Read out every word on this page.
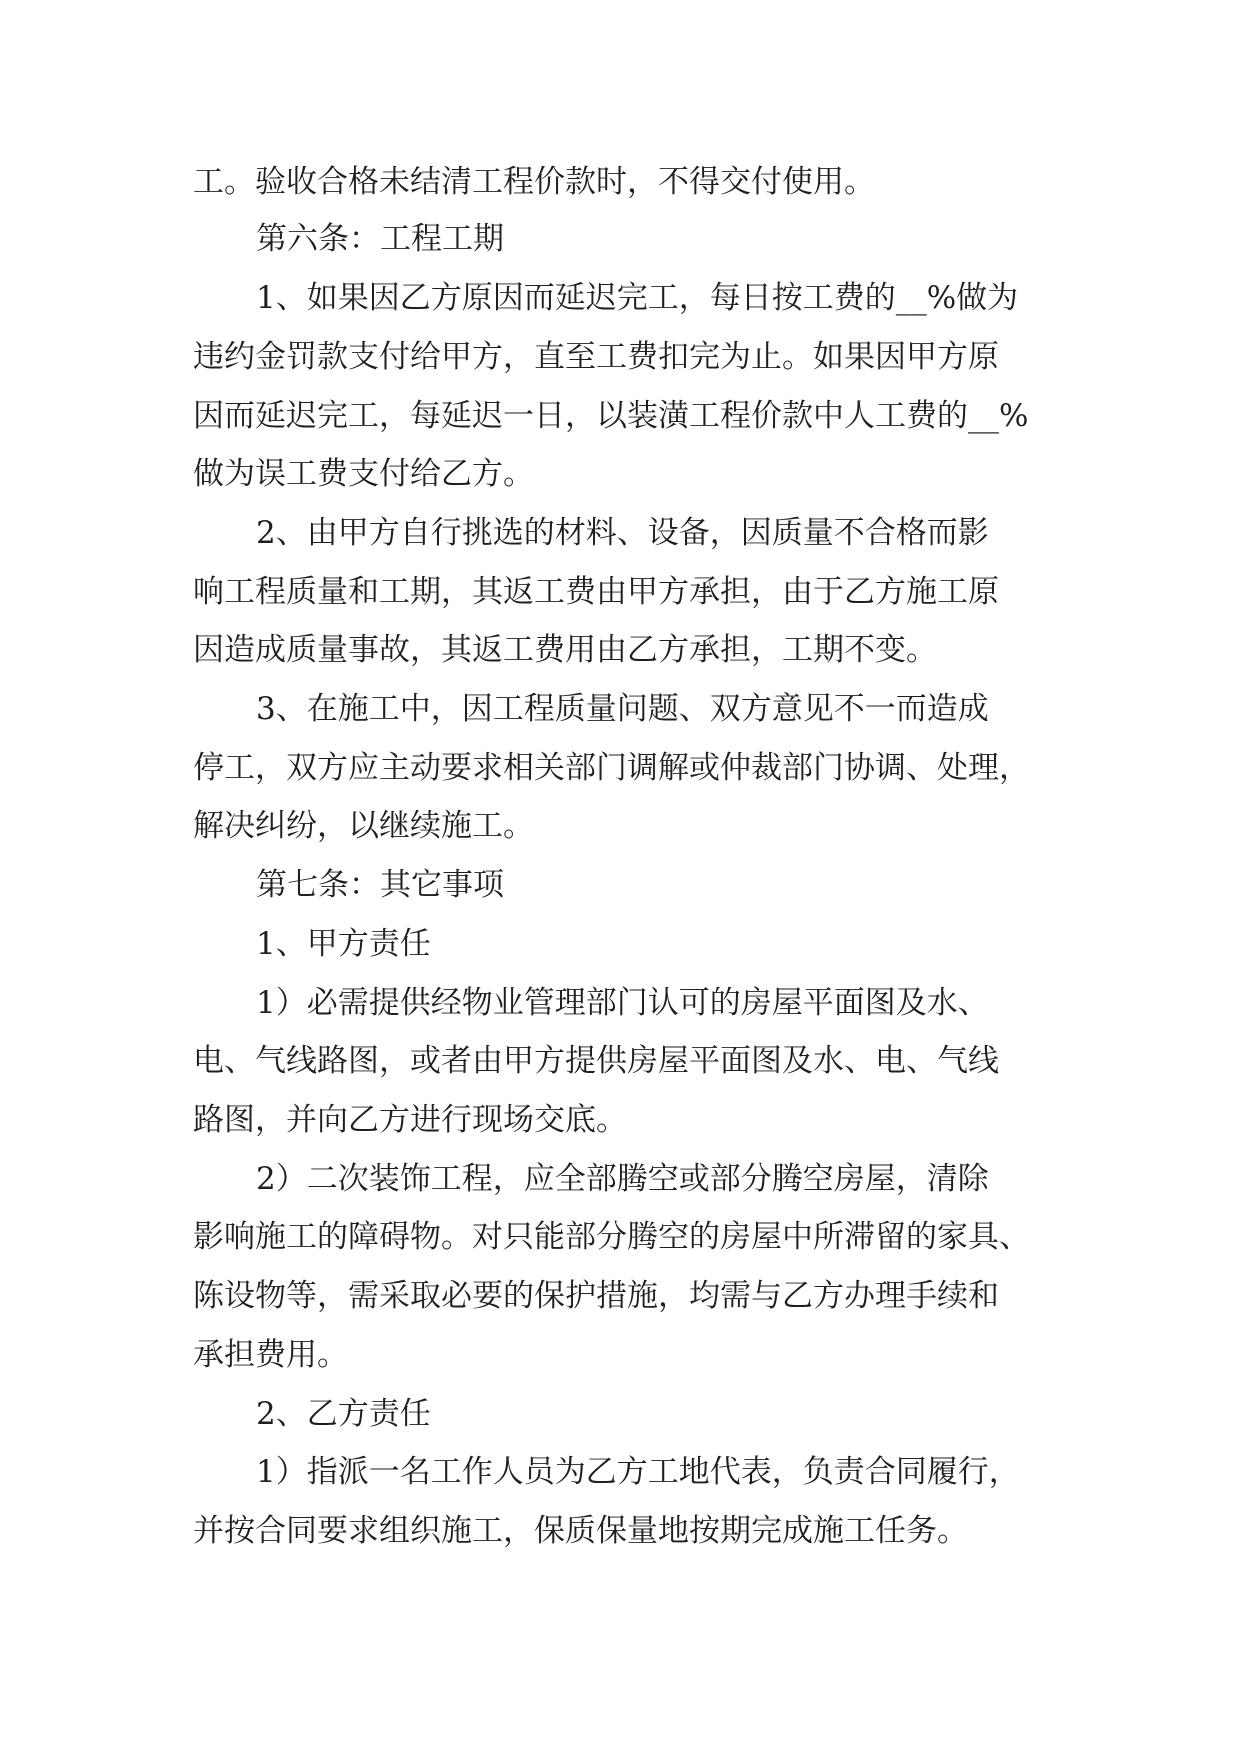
工。验收合格未结清工程价款时，不得交付使用。
第六条：工程工期
1、如果因乙方原因而延迟完工，每日按工费的__%做为
违约金罚款支付给甲方，直至工费扣完为止。如果因甲方原
因而延迟完工，每延迟一日，以装潢工程价款中人工费的__%
做为误工费支付给乙方。
2、由甲方自行挑选的材料、设备，因质量不合格而影
响工程质量和工期，其返工费由甲方承担，由于乙方施工原
因造成质量事故，其返工费用由乙方承担，工期不变。
3、在施工中，因工程质量问题、双方意见不一而造成
停工，双方应主动要求相关部门调解或仲裁部门协调、处理，
解决纠纷，以继续施工。
第七条：其它事项
1、甲方责任
1）必需提供经物业管理部门认可的房屋平面图及水、
电、气线路图，或者由甲方提供房屋平面图及水、电、气线
路图，并向乙方进行现场交底。
2）二次装饰工程，应全部腾空或部分腾空房屋，清除
影响施工的障碍物。对只能部分腾空的房屋中所滞留的家具、
陈设物等，需采取必要的保护措施，均需与乙方办理手续和
承担费用。
2、乙方责任
1）指派一名工作人员为乙方工地代表，负责合同履行，
并按合同要求组织施工，保质保量地按期完成施工任务。
